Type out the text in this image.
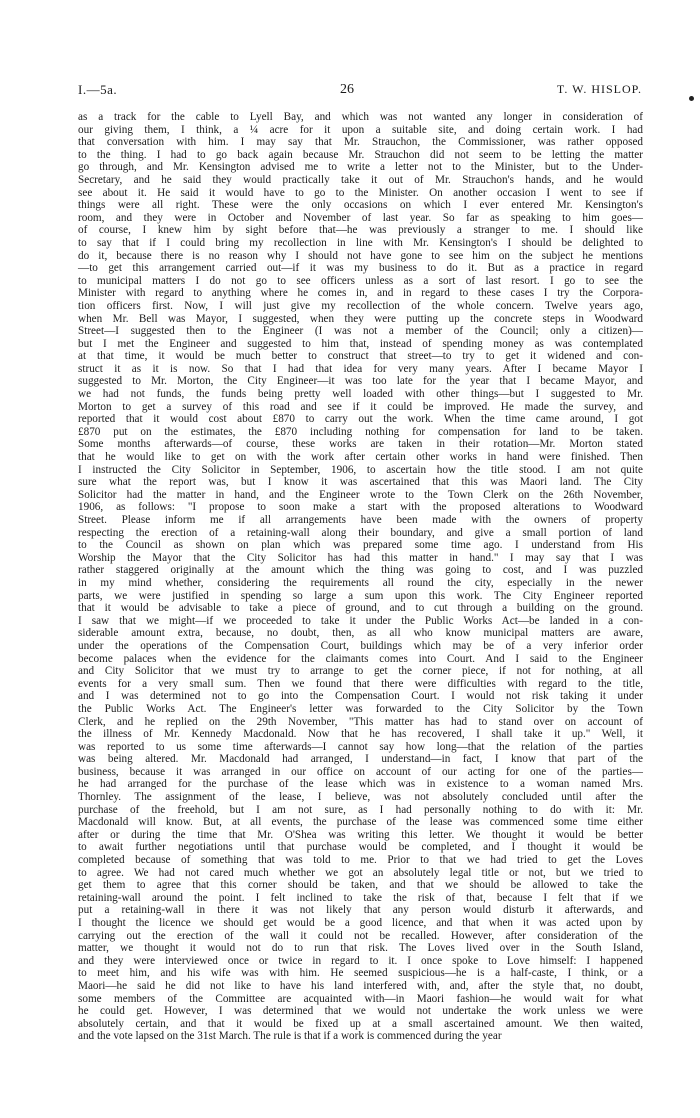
I.—5a.	26	T. W. HISLOP.
as a track for the cable to Lyell Bay, and which was not wanted any longer in consideration of
our giving them, I think, a ¼ acre for it upon a suitable site, and doing certain work. I had
that conversation with him. I may say that Mr. Strauchon, the Commissioner, was rather opposed
to the thing. I had to go back again because Mr. Strauchon did not seem to be letting the matter
go through, and Mr. Kensington advised me to write a letter not to the Minister, but to the Under-
Secretary, and he said they would practically take it out of Mr. Strauchon's hands, and he would
see about it. He said it would have to go to the Minister. On another occasion I went to see if
things were all right. These were the only occasions on which I ever entered Mr. Kensington's
room, and they were in October and November of last year. So far as speaking to him goes—
of course, I knew him by sight before that—he was previously a stranger to me. I should like
to say that if I could bring my recollection in line with Mr. Kensington's I should be delighted to
do it, because there is no reason why I should not have gone to see him on the subject he mentions
—to get this arrangement carried out—if it was my business to do it. But as a practice in regard
to municipal matters I do not go to see officers unless as a sort of last resort. I go to see the
Minister with regard to anything where he comes in, and in regard to these cases I try the Corpora-
tion officers first. Now, I will just give my recollection of the whole concern. Twelve years ago,
when Mr. Bell was Mayor, I suggested, when they were putting up the concrete steps in Woodward
Street—I suggested then to the Engineer (I was not a member of the Council; only a citizen)—
but I met the Engineer and suggested to him that, instead of spending money as was contemplated
at that time, it would be much better to construct that street—to try to get it widened and con-
struct it as it is now. So that I had that idea for very many years. After I became Mayor I
suggested to Mr. Morton, the City Engineer—it was too late for the year that I became Mayor, and
we had not funds, the funds being pretty well loaded with other things—but I suggested to Mr.
Morton to get a survey of this road and see if it could be improved. He made the survey, and
reported that it would cost about £870 to carry out the work. When the time came around, I got
£870 put on the estimates, the £870 including nothing for compensation for land to be taken.
Some months afterwards—of course, these works are taken in their rotation—Mr. Morton stated
that he would like to get on with the work after certain other works in hand were finished. Then
I instructed the City Solicitor in September, 1906, to ascertain how the title stood. I am not quite
sure what the report was, but I know it was ascertained that this was Maori land. The City
Solicitor had the matter in hand, and the Engineer wrote to the Town Clerk on the 26th November,
1906, as follows: "I propose to soon make a start with the proposed alterations to Woodward
Street. Please inform me if all arrangements have been made with the owners of property
respecting the erection of a retaining-wall along their boundary, and give a small portion of land
to the Council as shown on plan which was prepared some time ago. I understand from His
Worship the Mayor that the City Solicitor has had this matter in hand." I may say that I was
rather staggered originally at the amount which the thing was going to cost, and I was puzzled
in my mind whether, considering the requirements all round the city, especially in the newer
parts, we were justified in spending so large a sum upon this work. The City Engineer reported
that it would be advisable to take a piece of ground, and to cut through a building on the ground.
I saw that we might—if we proceeded to take it under the Public Works Act—be landed in a con-
siderable amount extra, because, no doubt, then, as all who know municipal matters are aware,
under the operations of the Compensation Court, buildings which may be of a very inferior order
become palaces when the evidence for the claimants comes into Court. And I said to the Engineer
and City Solicitor that we must try to arrange to get the corner piece, if not for nothing, at all
events for a very small sum. Then we found that there were difficulties with regard to the title,
and I was determined not to go into the Compensation Court. I would not risk taking it under
the Public Works Act. The Engineer's letter was forwarded to the City Solicitor by the Town
Clerk, and he replied on the 29th November, "This matter has had to stand over on account of
the illness of Mr. Kennedy Macdonald. Now that he has recovered, I shall take it up." Well, it
was reported to us some time afterwards—I cannot say how long—that the relation of the parties
was being altered. Mr. Macdonald had arranged, I understand—in fact, I know that part of the
business, because it was arranged in our office on account of our acting for one of the parties—
he had arranged for the purchase of the lease which was in existence to a woman named Mrs.
Thornley. The assignment of the lease, I believe, was not absolutely concluded until after the
purchase of the freehold, but I am not sure, as I had personally nothing to do with it: Mr.
Macdonald will know. But, at all events, the purchase of the lease was commenced some time either
after or during the time that Mr. O'Shea was writing this letter. We thought it would be better
to await further negotiations until that purchase would be completed, and I thought it would be
completed because of something that was told to me. Prior to that we had tried to get the Loves
to agree. We had not cared much whether we got an absolutely legal title or not, but we tried to
get them to agree that this corner should be taken, and that we should be allowed to take the
retaining-wall around the point. I felt inclined to take the risk of that, because I felt that if we
put a retaining-wall in there it was not likely that any person would disturb it afterwards, and
I thought the licence we should get would be a good licence, and that when it was acted upon by
carrying out the erection of the wall it could not be recalled. However, after consideration of the
matter, we thought it would not do to run that risk. The Loves lived over in the South Island,
and they were interviewed once or twice in regard to it. I once spoke to Love himself: I happened
to meet him, and his wife was with him. He seemed suspicious—he is a half-caste, I think, or a
Maori—he said he did not like to have his land interfered with, and, after the style that, no doubt,
some members of the Committee are acquainted with—in Maori fashion—he would wait for what
he could get. However, I was determined that we would not undertake the work unless we were
absolutely certain, and that it would be fixed up at a small ascertained amount. We then waited,
and the vote lapsed on the 31st March. The rule is that if a work is commenced during the year
